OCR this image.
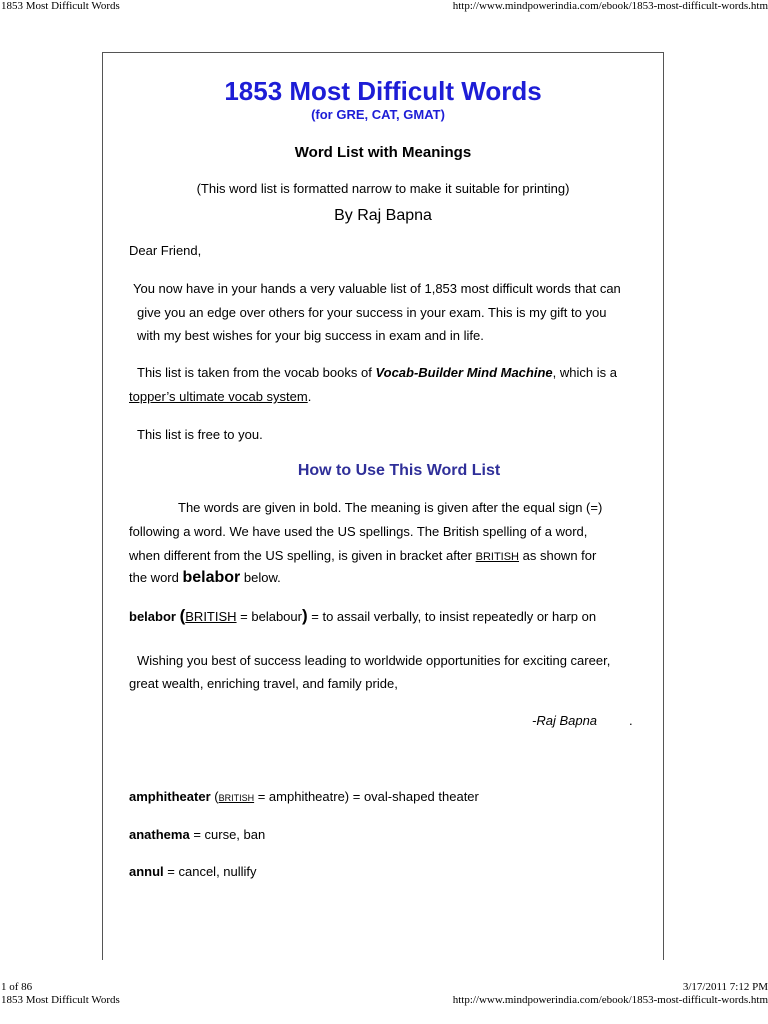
1853 Most Difficult Words	http://www.mindpowerindia.com/ebook/1853-most-difficult-words.htm
1853 Most Difficult Words
(for GRE, CAT, GMAT)
Word List with Meanings
(This word list is formatted narrow to make it suitable for printing)
By Raj Bapna
Dear Friend,
You now have in your hands a very valuable list of 1,853 most difficult words that can
give you an edge over others for your success in your exam. This is my gift to you
with my best wishes for your big success in exam and in life.
This list is taken from the vocab books of Vocab-Builder Mind Machine, which is a
topper’s ultimate vocab system.
This list is free to you.
How to Use This Word List
The words are given in bold. The meaning is given after the equal sign (=)
following a word. We have used the US spellings. The British spelling of a word,
when different from the US spelling, is given in bracket after BRITISH as shown for
the word belabor below.
belabor (BRITISH = belabour) = to assail verbally, to insist repeatedly or harp on
Wishing you best of success leading to worldwide opportunities for exciting career,
great wealth, enriching travel, and family pride,
-Raj Bapna .
amphitheater (BRITISH = amphitheatre) = oval-shaped theater
anathema = curse, ban
annul = cancel, nullify
1 of 86	3/17/2011 7:12 PM
1853 Most Difficult Words	http://www.mindpowerindia.com/ebook/1853-most-difficult-words.htm
